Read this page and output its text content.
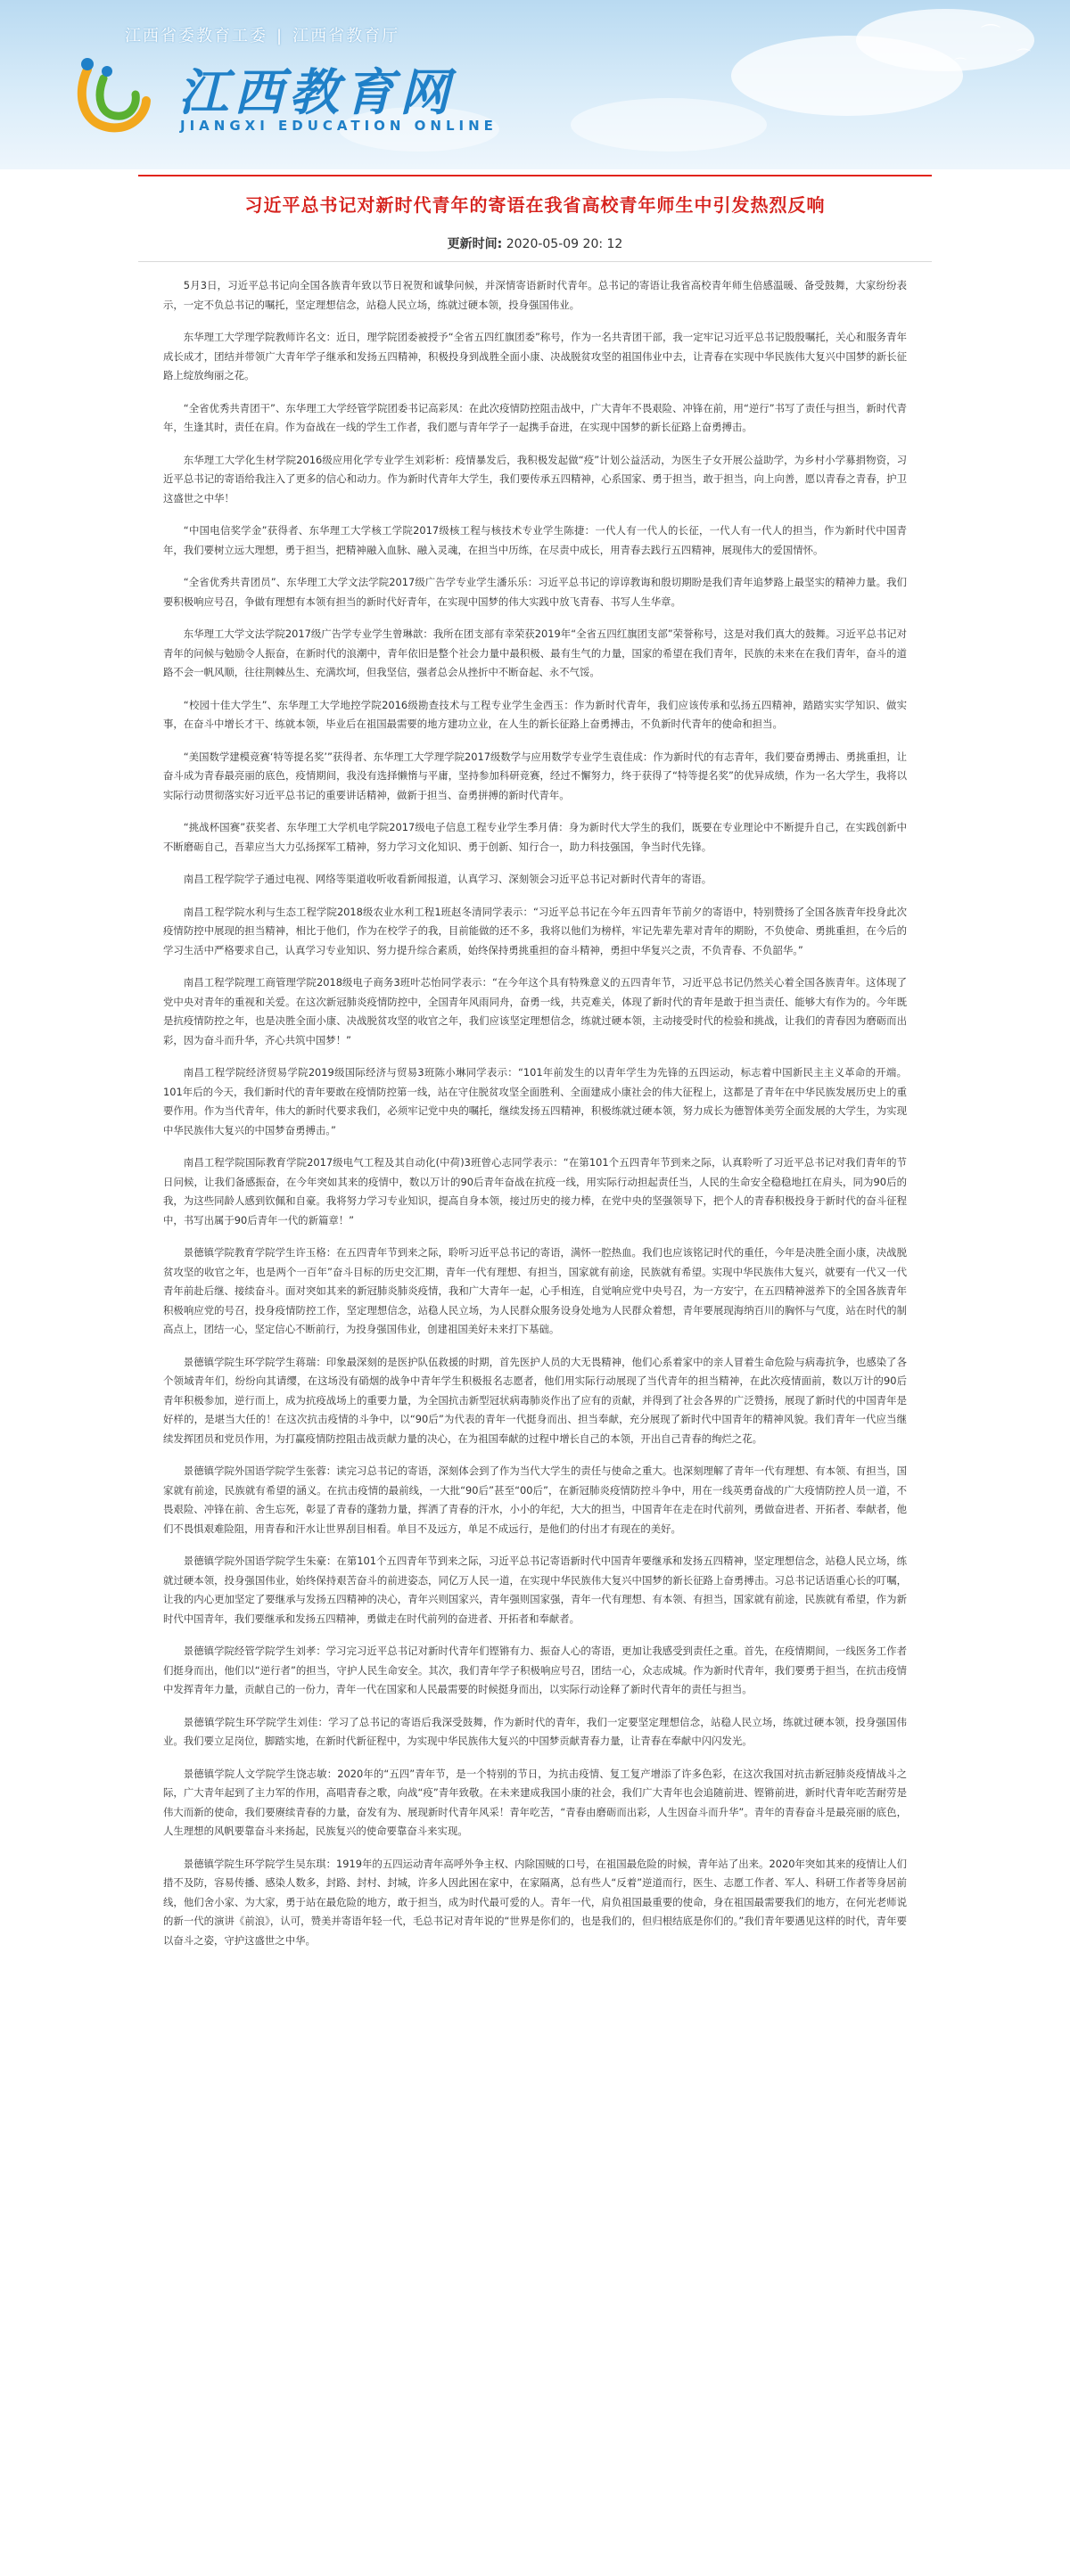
⌒
⌒
⌒
江西省委教育工委 | 江西省教育厅
江西教育网
JIANGXI EDUCATION ONLINE
习近平总书记对新时代青年的寄语在我省高校青年师生中引发热烈反响
更新时间: 2020-05-09 20: 12

5月3日，习近平总书记向全国各族青年致以节日祝贺和诚挚问候，并深情寄语新时代青年。总书记的寄语让我省高校青年师生倍感温暖、备受鼓舞，大家纷纷表示，一定不负总书记的嘱托，坚定理想信念，站稳人民立场，练就过硬本领，投身强国伟业。

东华理工大学理学院教师许名文：近日，理学院团委被授予“全省五四红旗团委”称号，作为一名共青团干部，我一定牢记习近平总书记殷殷嘱托，关心和服务青年成长成才，团结并带领广大青年学子继承和发扬五四精神，积极投身到战胜全面小康、决战脱贫攻坚的祖国伟业中去，让青春在实现中华民族伟大复兴中国梦的新长征路上绽放绚丽之花。

“全省优秀共青团干”、东华理工大学经管学院团委书记高彩凤：在此次疫情防控阻击战中，广大青年不畏艰险、冲锋在前，用“逆行”书写了责任与担当，新时代青年，生逢其时，责任在肩。作为奋战在一线的学生工作者，我们愿与青年学子一起携手奋进，在实现中国梦的新长征路上奋勇搏击。

东华理工大学化生材学院2016级应用化学专业学生刘彩析：疫情暴发后，我积极发起做“疫”计划公益活动，为医生子女开展公益助学，为乡村小学募捐物资，习近平总书记的寄语给我注入了更多的信心和动力。作为新时代青年大学生，我们要传承五四精神，心系国家、勇于担当，敢于担当，向上向善，愿以青春之青春，护卫这盛世之中华！

“中国电信奖学金”获得者、东华理工大学核工学院2017级核工程与核技术专业学生陈捷：一代人有一代人的长征，一代人有一代人的担当，作为新时代中国青年，我们要树立远大理想，勇于担当，把精神融入血脉、融入灵魂，在担当中历练，在尽责中成长，用青春去践行五四精神，展现伟大的爱国情怀。

“全省优秀共青团员”、东华理工大学文法学院2017级广告学专业学生潘乐乐：习近平总书记的谆谆教诲和殷切期盼是我们青年追梦路上最坚实的精神力量。我们要积极响应号召，争做有理想有本领有担当的新时代好青年，在实现中国梦的伟大实践中放飞青春、书写人生华章。

东华理工大学文法学院2017级广告学专业学生曾琳歆：我所在团支部有幸荣获2019年“全省五四红旗团支部”荣誉称号，这是对我们真大的鼓舞。习近平总书记对青年的问候与勉励令人振奋，在新时代的浪潮中，青年依旧是整个社会力量中最积极、最有生气的力量，国家的希望在我们青年，民族的未来在在我们青年，奋斗的道路不会一帆风顺，往往荆棘丛生、充满坎坷，但我坚信，强者总会从挫折中不断奋起、永不气馁。

“校园十佳大学生”、东华理工大学地控学院2016级勘查技术与工程专业学生金西玉：作为新时代青年，我们应该传承和弘扬五四精神，踏踏实实学知识、做实事，在奋斗中增长才干、练就本领，毕业后在祖国最需要的地方建功立业，在人生的新长征路上奋勇搏击，不负新时代青年的使命和担当。

“美国数学建模竞赛‘特等提名奖’”获得者、东华理工大学理学院2017级数学与应用数学专业学生袁佳成：作为新时代的有志青年，我们要奋勇搏击、勇挑重担，让奋斗成为青春最亮丽的底色，疫情期间，我没有选择懒惰与平庸，坚持参加科研竞赛，经过不懈努力，终于获得了“特等提名奖”的优异成绩，作为一名大学生，我将以实际行动贯彻落实好习近平总书记的重要讲话精神，做新于担当、奋勇拼搏的新时代青年。

“挑战杯国赛”获奖者、东华理工大学机电学院2017级电子信息工程专业学生季月倩：身为新时代大学生的我们，既要在专业理论中不断提升自己，在实践创新中不断磨砺自己，吾辈应当大力弘扬探军工精神，努力学习文化知识、勇于创新、知行合一，助力科技强国，争当时代先锋。

南昌工程学院学子通过电视、网络等渠道收听收看新闻报道，认真学习、深刻领会习近平总书记对新时代青年的寄语。

南昌工程学院水利与生态工程学院2018级农业水利工程1班赵冬清同学表示：“习近平总书记在今年五四青年节前夕的寄语中，特别赞扬了全国各族青年投身此次疫情防控中展现的担当精神，相比于他们，作为在校学子的我，目前能做的还不多，我将以他们为榜样，牢记先辈先辈对青年的期盼，不负使命、勇挑重担，在今后的学习生活中严格要求自己，认真学习专业知识、努力提升综合素质，始终保持勇挑重担的奋斗精神，勇担中华复兴之责，不负青春、不负韶华。”

南昌工程学院理工商管理学院2018级电子商务3班叶芯怡同学表示：“在今年这个具有特殊意义的五四青年节，习近平总书记仍然关心着全国各族青年。这体现了党中央对青年的重视和关爱。在这次新冠肺炎疫情防控中，全国青年风雨同舟，奋勇一线，共克难关，体现了新时代的青年是敢于担当责任、能够大有作为的。今年既是抗疫情防控之年，也是决胜全面小康、决战脱贫攻坚的收官之年，我们应该坚定理想信念，练就过硬本领，主动接受时代的检验和挑战，让我们的青春因为磨砺而出彩，因为奋斗而升华，齐心共筑中国梦！”

南昌工程学院经济贸易学院2019级国际经济与贸易3班陈小琳同学表示：“101年前发生的以青年学生为先锋的五四运动，标志着中国新民主主义革命的开端。101年后的今天，我们新时代的青年要敢在疫情防控第一线，站在守住脱贫攻坚全面胜利、全面建成小康社会的伟大征程上，这都是了青年在中华民族发展历史上的重要作用。作为当代青年，伟大的新时代要求我们，必须牢记党中央的嘱托，继续发扬五四精神，积极练就过硬本领，努力成长为德智体美劳全面发展的大学生，为实现中华民族伟大复兴的中国梦奋勇搏击。”

南昌工程学院国际教育学院2017级电气工程及其自动化(中荷)3班曾心志同学表示：“在第101个五四青年节到来之际，认真聆听了习近平总书记对我们青年的节日问候，让我们备感振奋，在今年突如其来的疫情中，数以万计的90后青年奋战在抗疫一线，用实际行动担起责任当，人民的生命安全稳稳地扛在肩头，同为90后的我，为这些同龄人感到钦佩和自豪。我将努力学习专业知识，提高自身本领，接过历史的接力棒，在党中央的坚强领导下，把个人的青春积极投身于新时代的奋斗征程中，书写出属于90后青年一代的新篇章！”

景德镇学院教育学院学生许玉格：在五四青年节到来之际，聆听习近平总书记的寄语，满怀一腔热血。我们也应该铭记时代的重任，今年是决胜全面小康，决战脱贫攻坚的收官之年，也是两个一百年”奋斗目标的历史交汇期，青年一代有理想、有担当，国家就有前途，民族就有希望。实现中华民族伟大复兴，就要有一代又一代青年前赴后继、接续奋斗。面对突如其来的新冠肺炎肺炎疫情，我和广大青年一起，心手相连，自觉响应党中央号召，为一方安宁，在五四精神滋养下的全国各族青年积极响应党的号召，投身疫情防控工作，坚定理想信念，站稳人民立场，为人民群众服务设身处地为人民群众着想，青年要展现海纳百川的胸怀与气度，站在时代的制高点上，团结一心，坚定信心不断前行，为投身强国伟业，创建祖国美好未来打下基础。

景德镇学院生环学院学生蒋瑞：印象最深刻的是医护队伍救援的时期，首先医护人员的大无畏精神，他们心系着家中的亲人冒着生命危险与病毒抗争，也感染了各个领域青年们，纷纷向其请缨，在这场没有硝烟的战争中青年学生积极报名志愿者，他们用实际行动展现了当代青年的担当精神，在此次疫情面前，数以万计的90后青年积极参加，逆行而上，成为抗疫战场上的重要力量，为全国抗击新型冠状病毒肺炎作出了应有的贡献，并得到了社会各界的广泛赞扬，展现了新时代的中国青年是好样的，是堪当大任的！在这次抗击疫情的斗争中，以“90后”为代表的青年一代挺身而出、担当奉献，充分展现了新时代中国青年的精神风貌。我们青年一代应当继续发挥团员和党员作用，为打赢疫情防控阻击战贡献力量的决心，在为祖国奉献的过程中增长自己的本领，开出自己青春的绚烂之花。

景德镇学院外国语学院学生张蓉：读完习总书记的寄语，深刻体会到了作为当代大学生的责任与使命之重大。也深刻理解了青年一代有理想、有本领、有担当，国家就有前途，民族就有希望的涵义。在抗击疫情的最前线，一大批“90后”甚至“00后”，在新冠肺炎疫情防控斗争中，用在一线英勇奋战的广大疫情防控人员一道，不畏艰险、冲锋在前、舍生忘死，彰显了青春的蓬勃力量，挥洒了青春的汗水，小小的年纪，大大的担当，中国青年在走在时代前列，勇做奋进者、开拓者、奉献者，他们不畏惧艰难险阻，用青春和汗水让世界刮目相看。单目不及远方，单足不成远行，是他们的付出才有现在的美好。

景德镇学院外国语学院学生朱豪：在第101个五四青年节到来之际，习近平总书记寄语新时代中国青年要继承和发扬五四精神，坚定理想信念，站稳人民立场，练就过硬本领，投身强国伟业，始终保持艰苦奋斗的前进姿态，同亿万人民一道，在实现中华民族伟大复兴中国梦的新长征路上奋勇搏击。习总书记话语重心长的叮嘱，让我的内心更加坚定了要继承与发扬五四精神的决心，青年兴则国家兴，青年强则国家强，青年一代有理想、有本领、有担当，国家就有前途，民族就有希望，作为新时代中国青年，我们要继承和发扬五四精神，勇做走在时代前列的奋进者、开拓者和奉献者。

景德镇学院经管学院学生刘孝：学习完习近平总书记对新时代青年们铿锵有力、振奋人心的寄语，更加让我感受到责任之重。首先，在疫情期间，一线医务工作者们挺身而出，他们以“逆行者”的担当，守护人民生命安全。其次，我们青年学子积极响应号召，团结一心，众志成城。作为新时代青年，我们要勇于担当，在抗击疫情中发挥青年力量，贡献自己的一份力，青年一代在国家和人民最需要的时候挺身而出，以实际行动诠释了新时代青年的责任与担当。

景德镇学院生环学院学生刘佳：学习了总书记的寄语后我深受鼓舞，作为新时代的青年，我们一定要坚定理想信念，站稳人民立场，练就过硬本领，投身强国伟业。我们要立足岗位，脚踏实地，在新时代新征程中，为实现中华民族伟大复兴的中国梦贡献青春力量，让青春在奉献中闪闪发光。

景德镇学院人文学院学生饶志敏：2020年的“五四”青年节，是一个特别的节日，为抗击疫情、复工复产增添了许多色彩，在这次我国对抗击新冠肺炎疫情战斗之际，广大青年起到了主力军的作用，高唱青春之歌，向战“疫”青年致敬。在未来建成我国小康的社会，我们广大青年也会追随前进、铿锵前进，新时代青年吃苦耐劳是伟大而新的使命，我们要赓续青春的力量，奋发有为、展现新时代青年风采！青年吃苦，“青春由磨砺而出彩，人生因奋斗而升华”。青年的青春奋斗是最亮丽的底色，人生理想的风帆要靠奋斗来扬起，民族复兴的使命要靠奋斗来实现。

景德镇学院生环学院学生吴东琪：1919年的五四运动青年高呼外争主权、内除国贼的口号，在祖国最危险的时候，青年站了出来。2020年突如其来的疫情让人们措不及防，容易传播、感染人数多，封路、封村、封城，许多人因此困在家中，在家隔离，总有些人“反着”逆道而行，医生、志愿工作者、军人、科研工作者等身居前线，他们舍小家、为大家，勇于站在最危险的地方，敢于担当，成为时代最可爱的人。青年一代，肩负祖国最重要的使命，身在祖国最需要我们的地方，在何光老师说的新一代的演讲《前浪》，认可，赞美并寄语年轻一代，毛总书记对青年说的“世界是你们的，也是我们的，但归根结底是你们的。”我们青年要遇见这样的时代，青年要以奋斗之姿，守护这盛世之中华。
